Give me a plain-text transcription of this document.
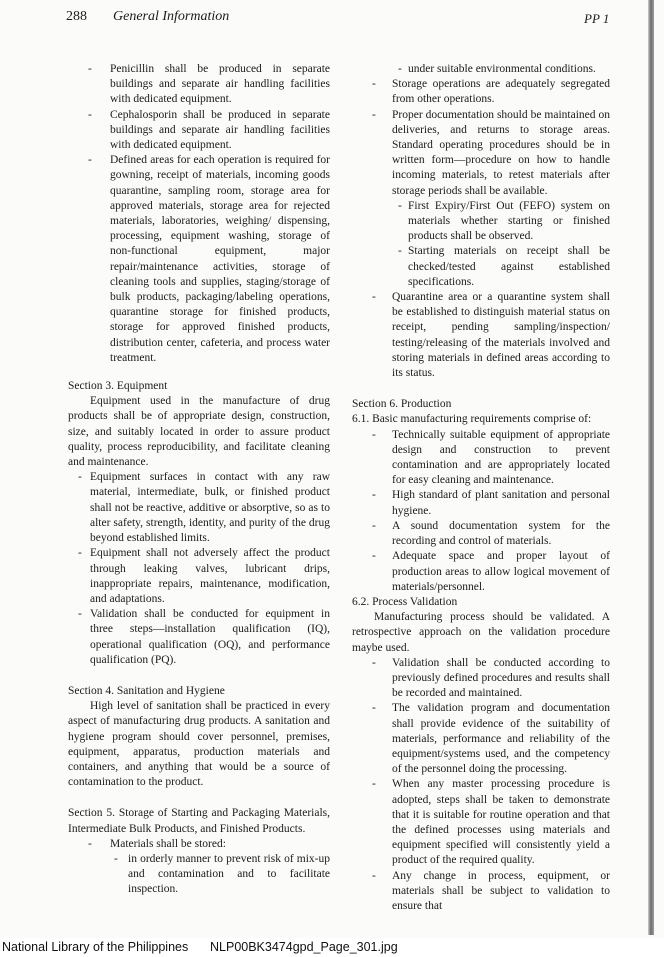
288 General Information	PP 1

- Penicillin shall be produced in separate buildings and separate air handling facilities with dedicated equipment.

- Cephalosporin shall be produced in separate buildings and separate air handling facilities with dedicated equipment.

- Defined areas for each operation is required for gowning, receipt of materials, incoming goods quarantine, sampling room, storage area for approved materials, storage area for rejected materials, laboratories, weighing/ dispensing, processing, equipment washing, storage of non-functional equipment, major repair/maintenance activities, storage of cleaning tools and supplies, staging/storage of bulk products, packaging/labeling operations, quarantine storage for finished products, storage for approved finished products, distribution center, cafeteria, and process water treatment.

Section 3. Equipment

Equipment used in the manufacture of drug products shall be of appropriate design, construction, size, and suitably located in order to assure product quality, process reproducibility, and facilitate cleaning and maintenance.

- Equipment surfaces in contact with any raw material, intermediate, bulk, or finished product shall not be reactive, additive or absorptive, so as to alter safety, strength, identity, and purity of the drug beyond established limits.

- Equipment shall not adversely affect the product through leaking valves, lubricant drips, inappropriate repairs, maintenance, modification, and adaptations.

- Validation shall be conducted for equipment in three steps—installation qualification (IQ), operational qualification (OQ), and performance qualification (PQ).

Section 4. Sanitation and Hygiene

High level of sanitation shall be practiced in every aspect of manufacturing drug products. A sanitation and hygiene program should cover personnel, premises, equipment, apparatus, production materials and containers, and anything that would be a source of contamination to the product.

Section 5. Storage of Starting and Packaging Materials, Intermediate Bulk Products, and Finished Products.

- Materials shall be stored:

- in orderly manner to prevent risk of mix-up and contamination and to facilitate inspection.

- under suitable environmental conditions.

- Storage operations are adequately segregated from other operations.

- Proper documentation should be maintained on deliveries, and returns to storage areas. Standard operating procedures should be in written form—procedure on how to handle incoming materials, to retest materials after storage periods shall be available.

- First Expiry/First Out (FEFO) system on materials whether starting or finished products shall be observed.

- Starting materials on receipt shall be checked/tested against established specifications.

- Quarantine area or a quarantine system shall be established to distinguish material status on receipt, pending sampling/inspection/ testing/releasing of the materials involved and storing materials in defined areas according to its status.

Section 6. Production

6.1. Basic manufacturing requirements comprise of:

- Technically suitable equipment of appropriate design and construction to prevent contamination and are appropriately located for easy cleaning and maintenance.

- High standard of plant sanitation and personal hygiene.

- A sound documentation system for the recording and control of materials.

- Adequate space and proper layout of production areas to allow logical movement of materials/personnel.

6.2. Process Validation

Manufacturing process should be validated. A retrospective approach on the validation procedure maybe used.

- Validation shall be conducted according to previously defined procedures and results shall be recorded and maintained.

- The validation program and documentation shall provide evidence of the suitability of materials, performance and reliability of the equipment/systems used, and the competency of the personnel doing the processing.

- When any master processing procedure is adopted, steps shall be taken to demonstrate that it is suitable for routine operation and that the defined processes using materials and equipment specified will consistently yield a product of the required quality.

- Any change in process, equipment, or materials shall be subject to validation to ensure that

National Library of the Philippines NLP00BK3474gpd_Page_301.jpg
